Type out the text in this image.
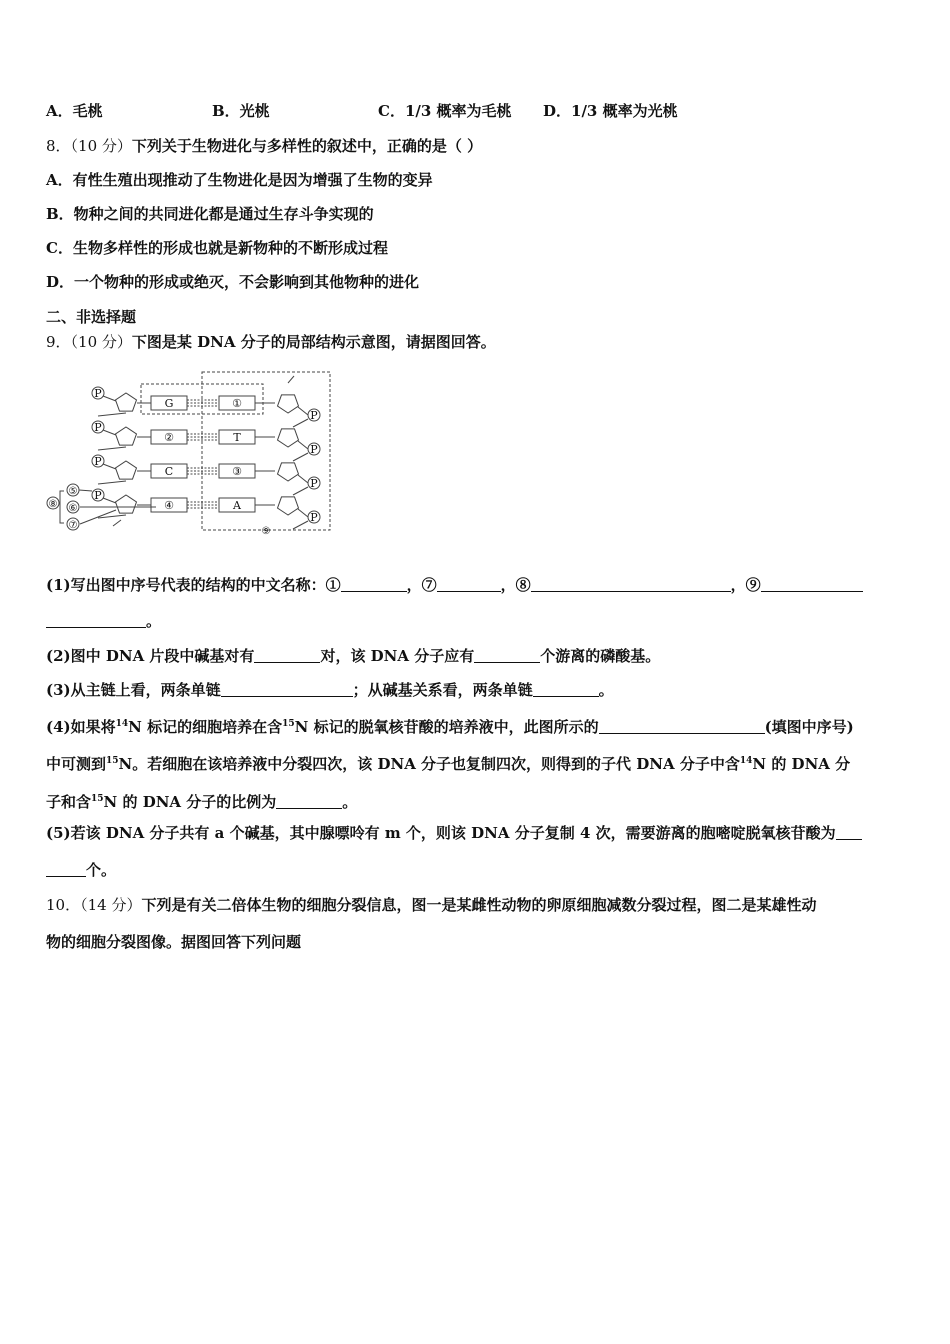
A．毛桃	B．光桃	C．1/3 概率为毛桃 D．1/3 概率为光桃
8．（10 分）下列关于生物进化与多样性的叙述中，正确的是（ ）
A．有性生殖出现推动了生物进化是因为增强了生物的变异
B．物种之间的共同进化都是通过生存斗争实现的
C．生物多样性的形成也就是新物种的不断形成过程
D．一个物种的形成或绝灭，不会影响到其他物种的进化
二、非选择题
9．（10 分）下图是某 DNA 分子的局部结构示意图，请据图回答。
P
G	①
P
P
②	T
P
P
C	③
P
P
④	A
P
⑤
⑥
⑦
⑧
⑨
(1)写出图中序号代表的结构的中文名称：①	，⑦	，⑧	，⑨
。
(2)图中 DNA 片段中碱基对有	对，该 DNA 分子应有	个游离的磷酸基。
(3)从主链上看，两条单链	；从碱基关系看，两条单链	。
(4)如果将$^{14}$N 标记的细胞培养在含$^{15}$N 标记的脱氧核苷酸的培养液中，此图所示的	(填图中序号)
中可测到$^{15}$N。若细胞在该培养液中分裂四次，该 DNA 分子也复制四次，则得到的子代 DNA 分子中含$^{14}$N 的 DNA 分
子和含$^{15}$N 的 DNA 分子的比例为	。
(5)若该 DNA 分子共有 a 个碱基，其中腺嘌呤有 m 个，则该 DNA 分子复制 4 次，需要游离的胞嘧啶脱氧核苷酸为
个。
10．（14 分）下列是有关二倍体生物的细胞分裂信息，图一是某雌性动物的卵原细胞减数分裂过程，图二是某雄性动
物的细胞分裂图像。据图回答下列问题
